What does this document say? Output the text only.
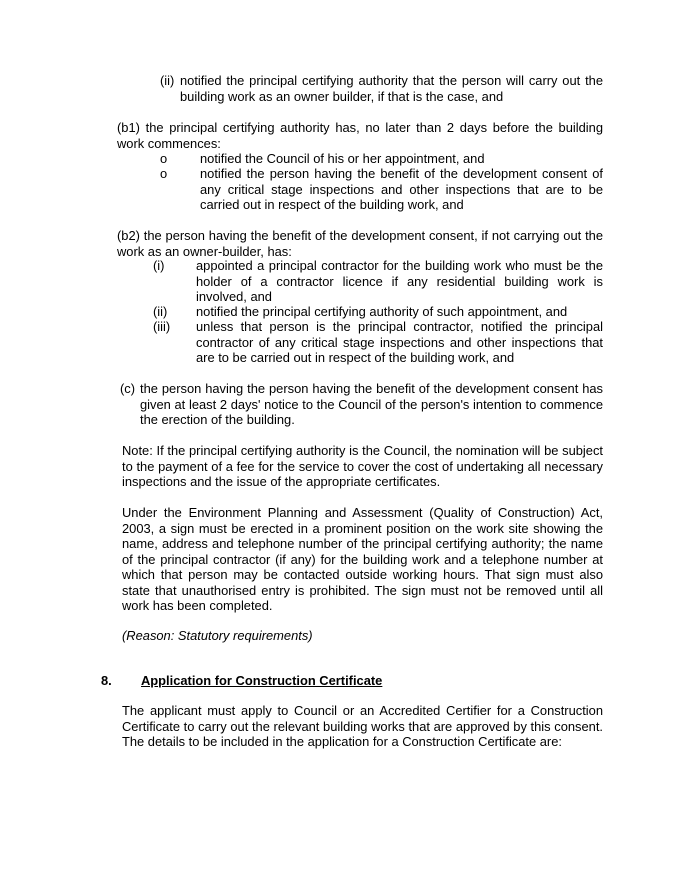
(ii) notified the principal certifying authority that the person will carry out the building work as an owner builder, if that is the case, and

(b1) the principal certifying authority has, no later than 2 days before the building work commences:

o	notified the Council of his or her appointment, and
o	notified the person having the benefit of the development consent of any critical stage inspections and other inspections that are to be carried out in respect of the building work, and

(b2) the person having the benefit of the development consent, if not carrying out the work as an owner-builder, has:

(i) appointed a principal contractor for the building work who must be the holder of a contractor licence if any residential building work is involved, and
(ii) notified the principal certifying authority of such appointment, and
(iii) unless that person is the principal contractor, notified the principal contractor of any critical stage inspections and other inspections that are to be carried out in respect of the building work, and
(c) the person having the person having the benefit of the development consent has given at least 2 days' notice to the Council of the person's intention to commence the erection of the building.

Note: If the principal certifying authority is the Council, the nomination will be subject to the payment of a fee for the service to cover the cost of undertaking all necessary inspections and the issue of the appropriate certificates.

Under the Environment Planning and Assessment (Quality of Construction) Act, 2003, a sign must be erected in a prominent position on the work site showing the name, address and telephone number of the principal certifying authority; the name of the principal contractor (if any) for the building work and a telephone number at which that person may be contacted outside working hours. That sign must also state that unauthorised entry is prohibited. The sign must not be removed until all work has been completed.

(Reason: Statutory requirements)

8. Application for Construction Certificate

The applicant must apply to Council or an Accredited Certifier for a Construction Certificate to carry out the relevant building works that are approved by this consent. The details to be included in the application for a Construction Certificate are:
